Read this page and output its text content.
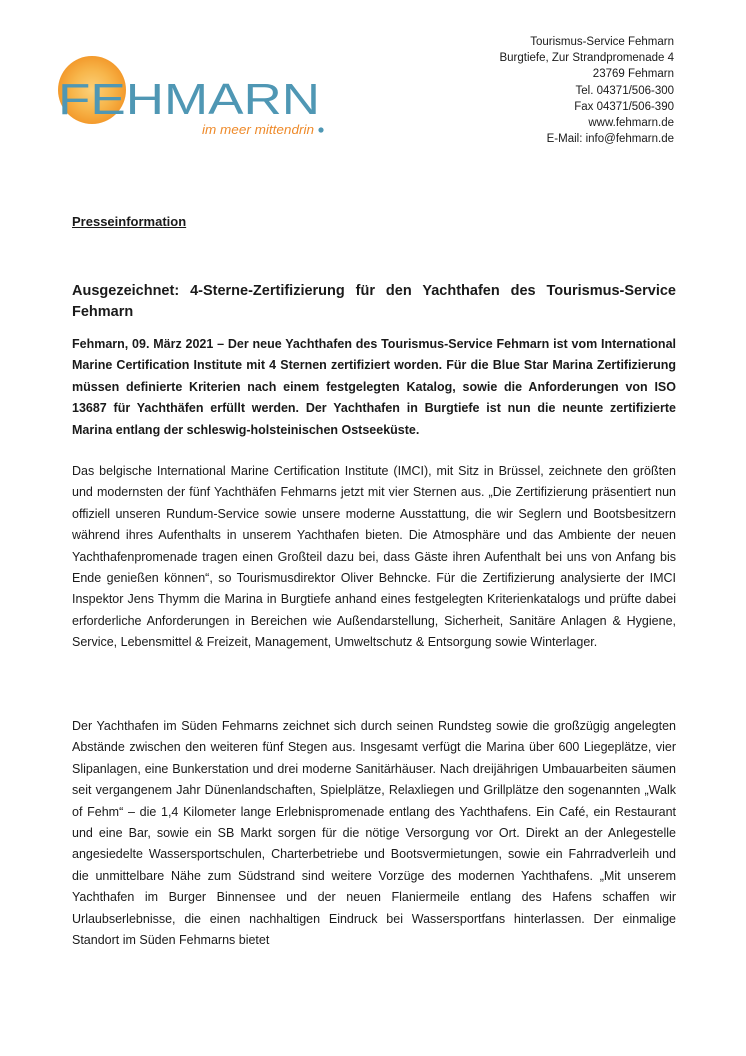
FEHMARN
im meer mittendrin
Tourismus-Service Fehmarn
Burgtiefe, Zur Strandpromenade 4
23769 Fehmarn
Tel. 04371/506-300
Fax 04371/506-390
www.fehmarn.de
E-Mail: info@fehmarn.de
Presseinformation
Ausgezeichnet: 4-Sterne-Zertifizierung für den Yachthafen des Tourismus-Service Fehmarn
Fehmarn, 09. März 2021 – Der neue Yachthafen des Tourismus-Service Fehmarn ist vom International Marine Certification Institute mit 4 Sternen zertifiziert worden. Für die Blue Star Marina Zertifizierung müssen definierte Kriterien nach einem festgelegten Katalog, sowie die Anforderungen von ISO 13687 für Yachthäfen erfüllt werden. Der Yachthafen in Burgtiefe ist nun die neunte zertifizierte Marina entlang der schleswig-holsteinischen Ostseeküste.
Das belgische International Marine Certification Institute (IMCI), mit Sitz in Brüssel, zeichnete den größten und modernsten der fünf Yachthäfen Fehmarns jetzt mit vier Sternen aus. „Die Zertifizierung präsentiert nun offiziell unseren Rundum-Service sowie unsere moderne Ausstattung, die wir Seglern und Bootsbesitzern während ihres Aufenthalts in unserem Yachthafen bieten. Die Atmosphäre und das Ambiente der neuen Yachthafenpromenade tragen einen Großteil dazu bei, dass Gäste ihren Aufenthalt bei uns von Anfang bis Ende genießen können“, so Tourismusdirektor Oliver Behncke. Für die Zertifizierung analysierte der IMCI Inspektor Jens Thymm die Marina in Burgtiefe anhand eines festgelegten Kriterienkatalogs und prüfte dabei erforderliche Anforderungen in Bereichen wie Außendarstellung, Sicherheit, Sanitäre Anlagen & Hygiene, Service, Lebensmittel & Freizeit, Management, Umweltschutz & Entsorgung sowie Winterlager.
Der Yachthafen im Süden Fehmarns zeichnet sich durch seinen Rundsteg sowie die großzügig angelegten Abstände zwischen den weiteren fünf Stegen aus. Insgesamt verfügt die Marina über 600 Liegeplätze, vier Slipanlagen, eine Bunkerstation und drei moderne Sanitärhäuser. Nach dreijährigen Umbauarbeiten säumen seit vergangenem Jahr Dünenlandschaften, Spielplätze, Relaxliegen und Grillplätze den sogenannten „Walk of Fehm“ – die 1,4 Kilometer lange Erlebnispromenade entlang des Yachthafens. Ein Café, ein Restaurant und eine Bar, sowie ein SB Markt sorgen für die nötige Versorgung vor Ort. Direkt an der Anlegestelle angesiedelte Wassersportschulen, Charterbetriebe und Bootsvermietungen, sowie ein Fahrradverleih und die unmittelbare Nähe zum Südstrand sind weitere Vorzüge des modernen Yachthafens. „Mit unserem Yachthafen im Burger Binnensee und der neuen Flaniermeile entlang des Hafens schaffen wir Urlaubserlebnisse, die einen nachhaltigen Eindruck bei Wassersportfans hinterlassen. Der einmalige Standort im Süden Fehmarns bietet
